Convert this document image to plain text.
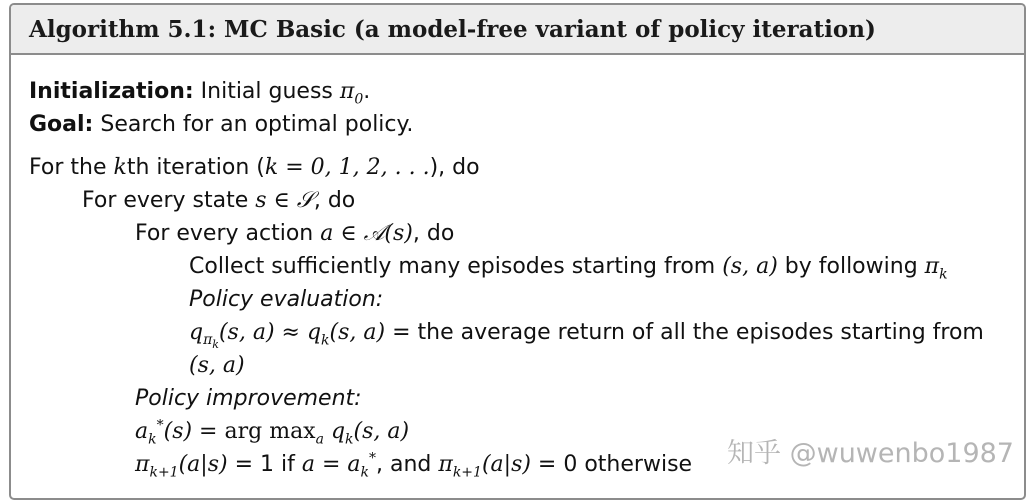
Algorithm 5.1: MC Basic (a model-free variant of policy iteration)
Initialization: Initial guess $\pi_0$.
Goal: Search for an optimal policy.
For the kth iteration (k = 0, 1, 2, . . .), do
For every state s ∈ 𝒮, do
For every action a ∈ 𝒜(s), do
Collect sufficiently many episodes starting from (s, a) by following $\pi_k$
Policy evaluation:
$q_{\pi_k}(s$, $a) \approx q_k(s$, a) = the average return of all the episodes starting from
(s, a)
Policy improvement:
$a_k^*(s)$ = arg $\max_a q_k(s$, a)
$\pi_{k+1}(a|s) = 1$ if $a = a_k^*$, and $\pi_{k+1}(a|s) = 0$ otherwise 知乎 @wuwenbo1987
